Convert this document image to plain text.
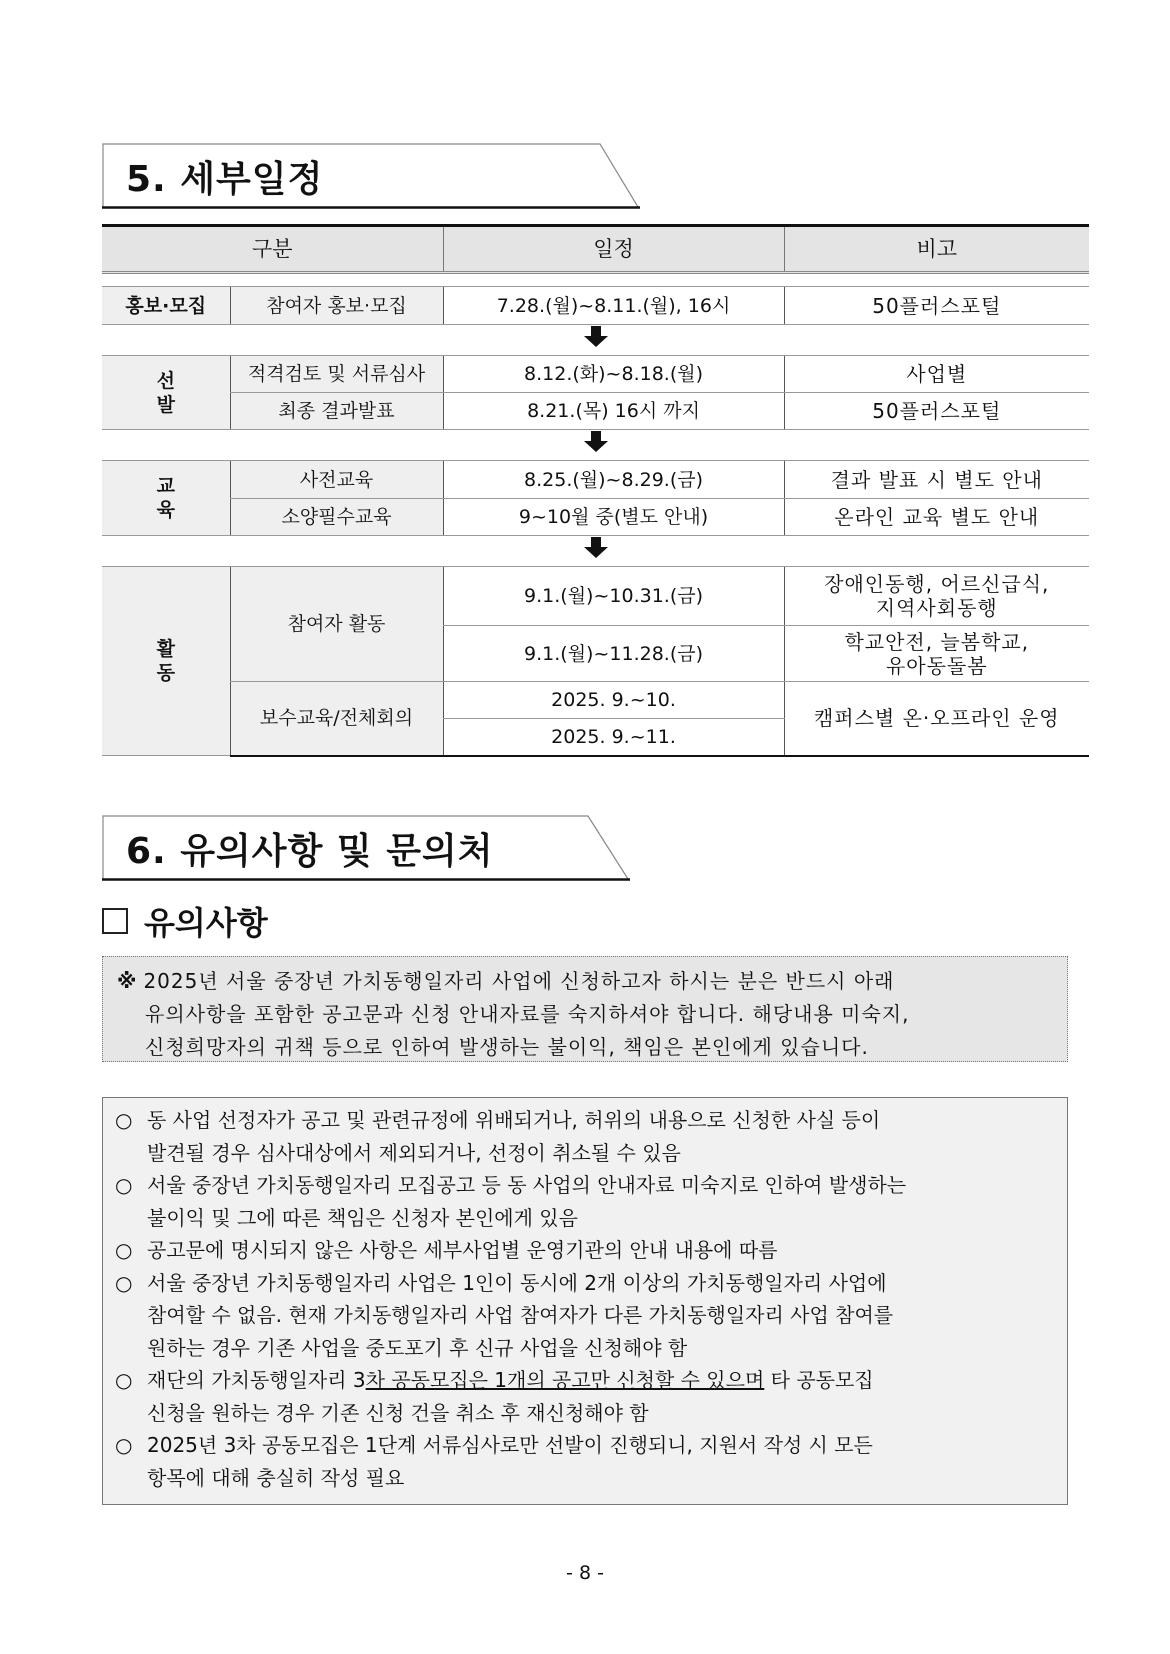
5. 세부일정
구분		일정	비고

홍보·모집	참여자 홍보·모집	7.28.(월)~8.11.(월), 16시	50플러스포털

선 발	적격검토 및 서류심사	8.12.(화)~8.18.(월)	사업별
	최종 결과발표	8.21.(목) 16시 까지	50플러스포털

교 육	사전교육	8.25.(월)~8.29.(금)	결과 발표 시 별도 안내
	소양필수교육	9~10월 중(별도 안내)	온라인 교육 별도 안내

활 동	참여자 활동	9.1.(월)~10.31.(금)	장애인동행, 어르신급식,
지역사회동행

		9.1.(월)~11.28.(금)	학교안전, 늘봄학교,
유아동돌봄

	보수교육/전체회의	2025. 9.~10.	캠퍼스별 온·오프라인 운영
		2025. 9.~11.	
6. 유의사항 및 문의처
유의사항
※ 2025년 서울 중장년 가치동행일자리 사업에 신청하고자 하시는 분은 반드시 아래
유의사항을 포함한 공고문과 신청 안내자료를 숙지하셔야 합니다. 해당내용 미숙지,
신청희망자의 귀책 등으로 인하여 발생하는 불이익, 책임은 본인에게 있습니다.
○ 동 사업 선정자가 공고 및 관련규정에 위배되거나, 허위의 내용으로 신청한 사실 등이
발견될 경우 심사대상에서 제외되거나, 선정이 취소될 수 있음
○ 서울 중장년 가치동행일자리 모집공고 등 동 사업의 안내자료 미숙지로 인하여 발생하는
불이익 및 그에 따른 책임은 신청자 본인에게 있음
○ 공고문에 명시되지 않은 사항은 세부사업별 운영기관의 안내 내용에 따름
○ 서울 중장년 가치동행일자리 사업은 1인이 동시에 2개 이상의 가치동행일자리 사업에
참여할 수 없음. 현재 가치동행일자리 사업 참여자가 다른 가치동행일자리 사업 참여를
원하는 경우 기존 사업을 중도포기 후 신규 사업을 신청해야 함
○ 재단의 가치동행일자리 3차 공동모집은 1개의 공고만 신청할 수 있으며 타 공동모집
신청을 원하는 경우 기존 신청 건을 취소 후 재신청해야 함
○ 2025년 3차 공동모집은 1단계 서류심사로만 선발이 진행되니, 지원서 작성 시 모든
항목에 대해 충실히 작성 필요
- 8 -
